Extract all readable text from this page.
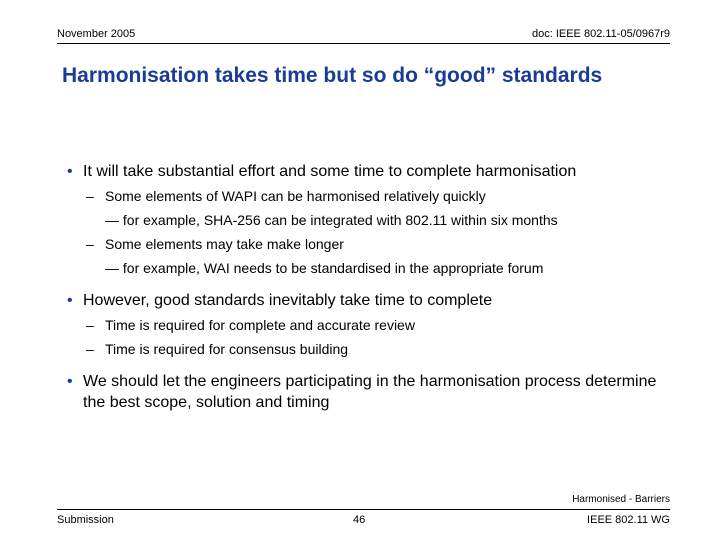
November 2005	doc: IEEE 802.11-05/0967r9
Harmonisation takes time but so do “good” standards
• It will take substantial effort and some time to complete harmonisation
– Some elements of WAPI can be harmonised relatively quickly
— for example, SHA-256 can be integrated with 802.11 within six months
– Some elements may take make longer
— for example, WAI needs to be standardised in the appropriate forum
• However, good standards inevitably take time to complete
– Time is required for complete and accurate review
– Time is required for consensus building
• We should let the engineers participating in the harmonisation process determine the best scope, solution and timing
Harmonised - Barriers
Submission	46	IEEE 802.11 WG
